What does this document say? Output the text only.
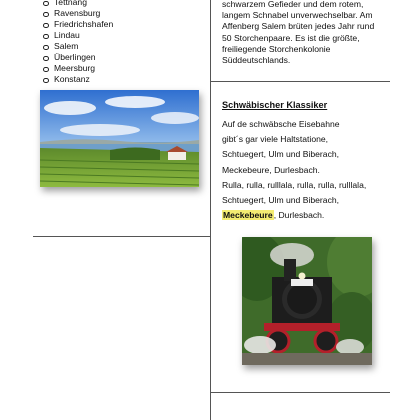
Tettnang
Ravensburg
Friedrichshafen
Lindau
Salem
Überlingen
Meersburg
Konstanz
schwarzem Gefieder und dem rotem,
langem Schnabel unverwechselbar. Am
Affenberg Salem brüten jedes Jahr rund
50 Storchenpaare. Es ist die größte,
freiliegende Storchenkolonie
Süddeutschlands.
Schwäbischer Klassiker
Auf de schwäbsche Eisebahne
gibt´s gar viele Haltstatione,
Schtuegert, Ulm und Biberach,
Meckebeure, Durlesbach.
Rulla, rulla, rulllala, rulla, rulla, rulllala,
Schtuegert, Ulm und Biberach,
Meckebeure, Durlesbach.
